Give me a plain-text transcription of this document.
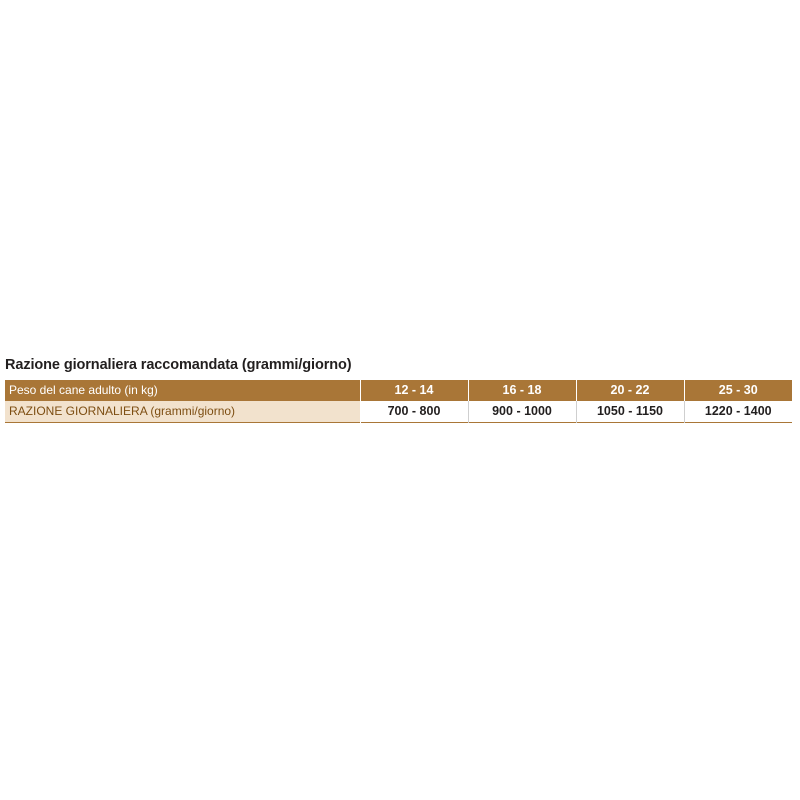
Razione giornaliera raccomandata (grammi/giorno)
Peso del cane adulto (in kg)	12 - 14	16 - 18	20 - 22	25 - 30
RAZIONE GIORNALIERA (grammi/giorno)	700 - 800	900 - 1000	1050 - 1150	1220 - 1400
